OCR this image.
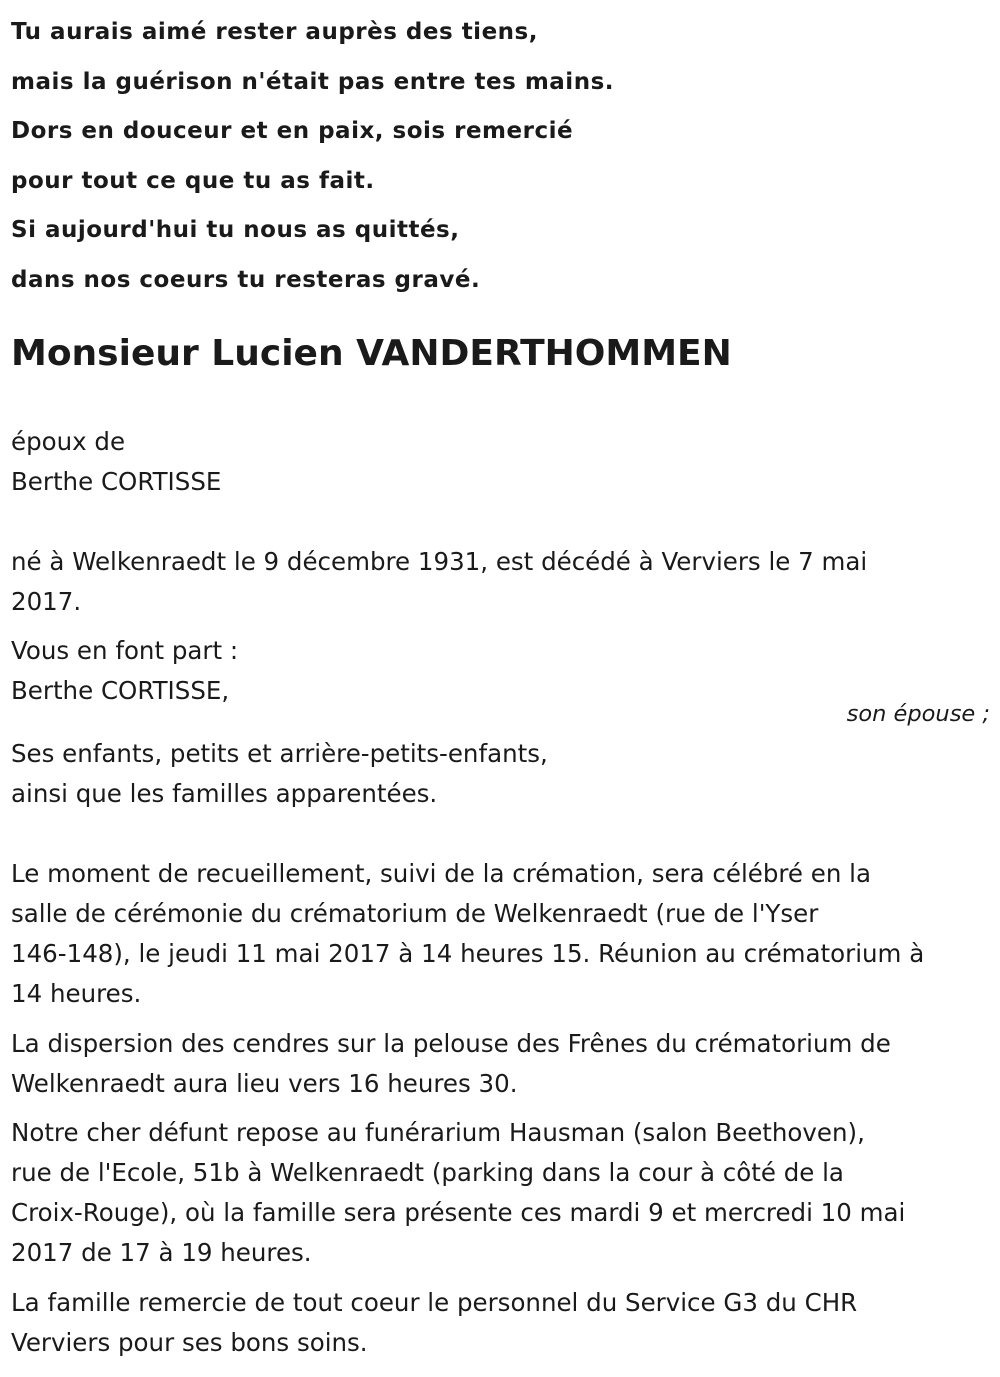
Tu aurais aimé rester auprès des tiens,
mais la guérison n'était pas entre tes mains.
Dors en douceur et en paix, sois remercié
pour tout ce que tu as fait.
Si aujourd'hui tu nous as quittés,
dans nos coeurs tu resteras gravé.
Monsieur Lucien VANDERTHOMMEN
époux de
Berthe CORTISSE
né à Welkenraedt le 9 décembre 1931, est décédé à Verviers le 7 mai
2017.
Vous en font part :
Berthe CORTISSE,
son épouse ;
Ses enfants, petits et arrière-petits-enfants,
ainsi que les familles apparentées.
Le moment de recueillement, suivi de la crémation, sera célébré en la
salle de cérémonie du crématorium de Welkenraedt (rue de l'Yser
146-148), le jeudi 11 mai 2017 à 14 heures 15. Réunion au crématorium à
14 heures.
La dispersion des cendres sur la pelouse des Frênes du crématorium de
Welkenraedt aura lieu vers 16 heures 30.
Notre cher défunt repose au funérarium Hausman (salon Beethoven),
rue de l'Ecole, 51b à Welkenraedt (parking dans la cour à côté de la
Croix-Rouge), où la famille sera présente ces mardi 9 et mercredi 10 mai
2017 de 17 à 19 heures.
La famille remercie de tout coeur le personnel du Service G3 du CHR
Verviers pour ses bons soins.
